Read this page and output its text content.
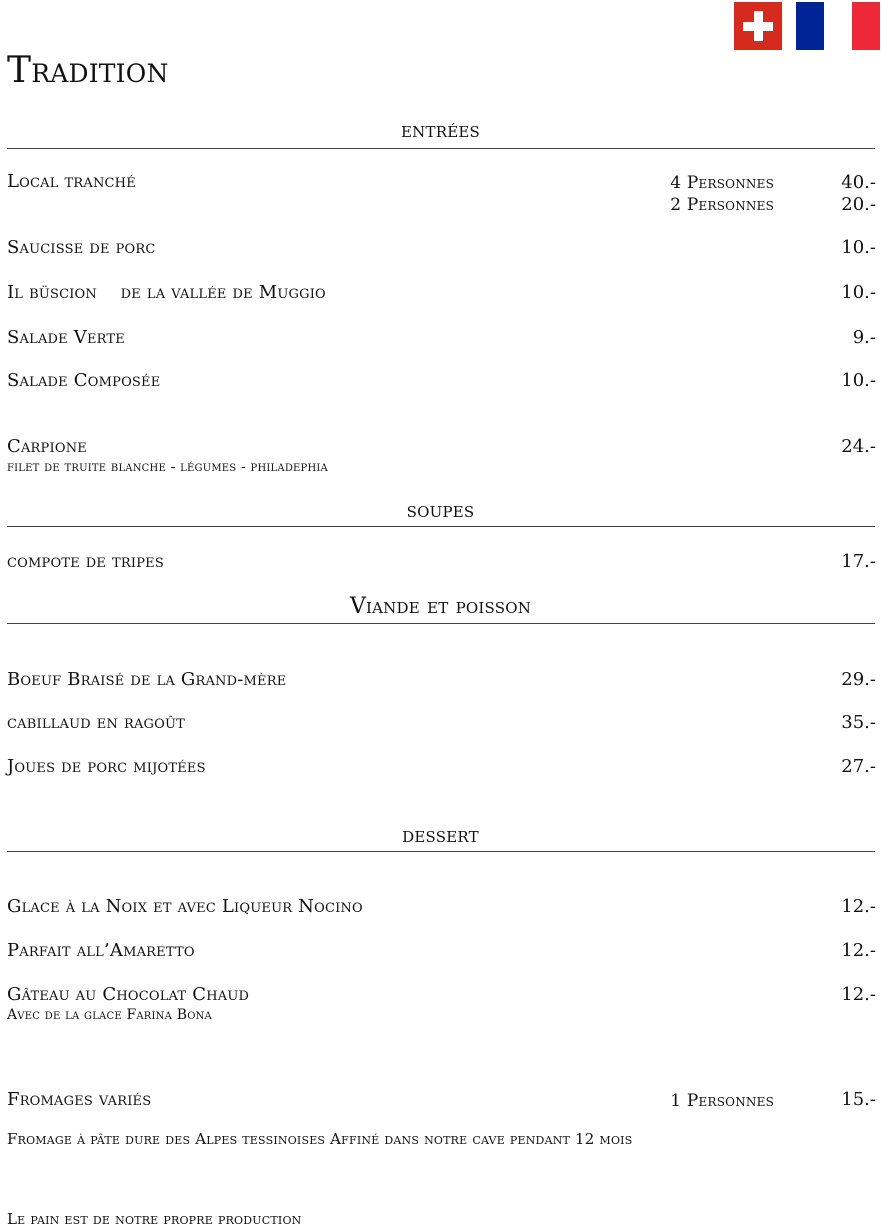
Tradition
entrées
Local tranché	4 Personnes	40.-
2 Personnes	20.-
Saucisse de porc	10.-
Il büscion    de la vallée de Muggio	10.-
Salade Verte	9.-
Salade Composée	10.-
Carpione	24.-
filet de truite blanche - légumes - philadephia
soupes
compote de tripes	17.-
Viande et poisson
Boeuf Braisé de la Grand-mère	29.-
cabillaud en ragoût	35.-
Joues de porc mijotées	27.-
dessert
Glace à la Noix et avec Liqueur Nocino	12.-
Parfait all’Amaretto	12.-
Gâteau au Chocolat Chaud	12.-
Avec de la glace Farina Bona
Fromages variés	1 Personnes	15.-
Fromage à pâte dure des Alpes tessinoises Affiné dans notre cave pendant 12 mois
Le pain est de notre propre production
